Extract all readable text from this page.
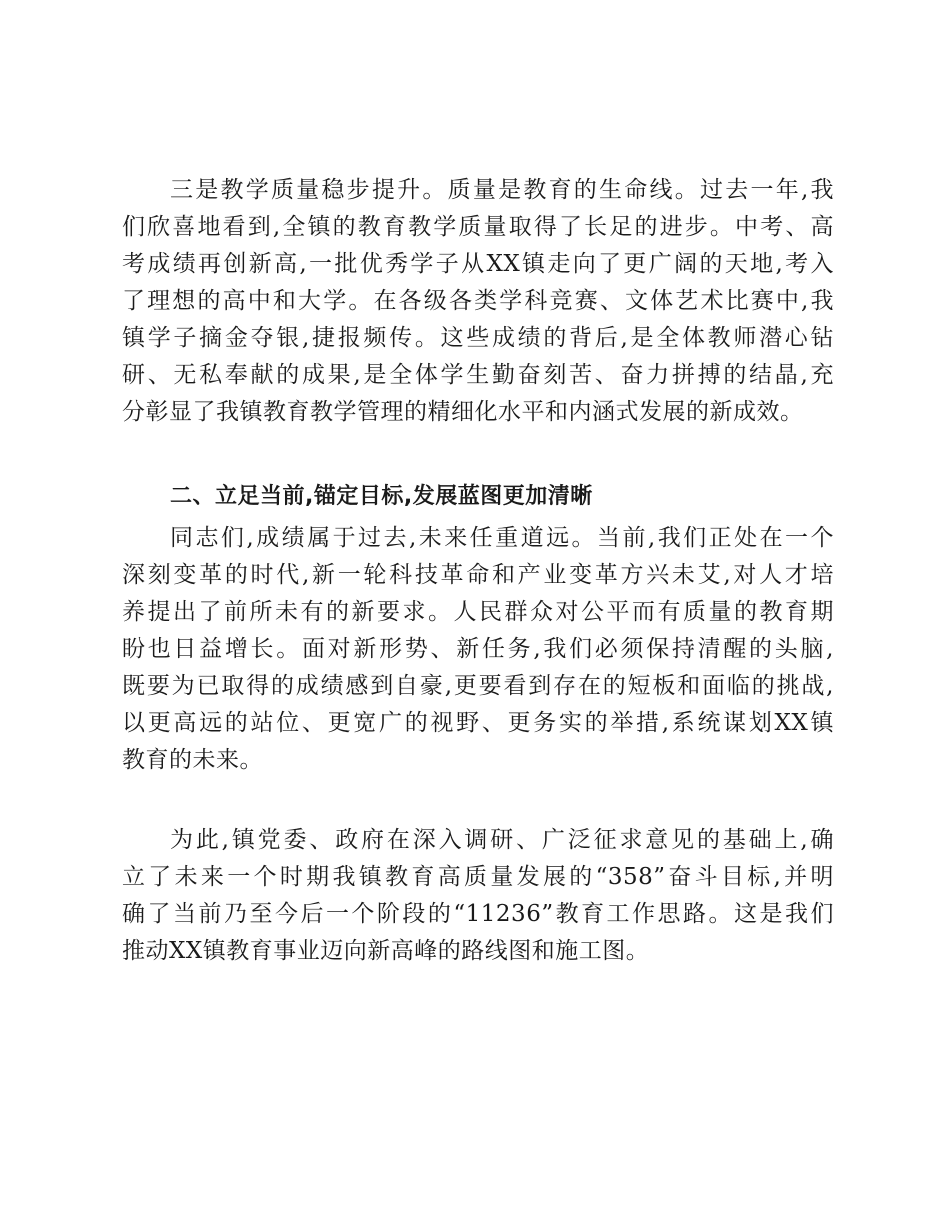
三是教学质量稳步提升。质量是教育的生命线。过去一年,我
们欣喜地看到,全镇的教育教学质量取得了长足的进步。中考、高
考成绩再创新高,一批优秀学子从XX镇走向了更广阔的天地,考入
了理想的高中和大学。在各级各类学科竞赛、文体艺术比赛中,我
镇学子摘金夺银,捷报频传。这些成绩的背后,是全体教师潜心钻
研、无私奉献的成果,是全体学生勤奋刻苦、奋力拼搏的结晶,充
分彰显了我镇教育教学管理的精细化水平和内涵式发展的新成效。
二、立足当前,锚定目标,发展蓝图更加清晰
同志们,成绩属于过去,未来任重道远。当前,我们正处在一个
深刻变革的时代,新一轮科技革命和产业变革方兴未艾,对人才培
养提出了前所未有的新要求。人民群众对公平而有质量的教育期
盼也日益增长。面对新形势、新任务,我们必须保持清醒的头脑,
既要为已取得的成绩感到自豪,更要看到存在的短板和面临的挑战,
以更高远的站位、更宽广的视野、更务实的举措,系统谋划XX镇
教育的未来。
为此,镇党委、政府在深入调研、广泛征求意见的基础上,确
立了未来一个时期我镇教育高质量发展的“358”奋斗目标,并明
确了当前乃至今后一个阶段的“11236”教育工作思路。这是我们
推动XX镇教育事业迈向新高峰的路线图和施工图。
